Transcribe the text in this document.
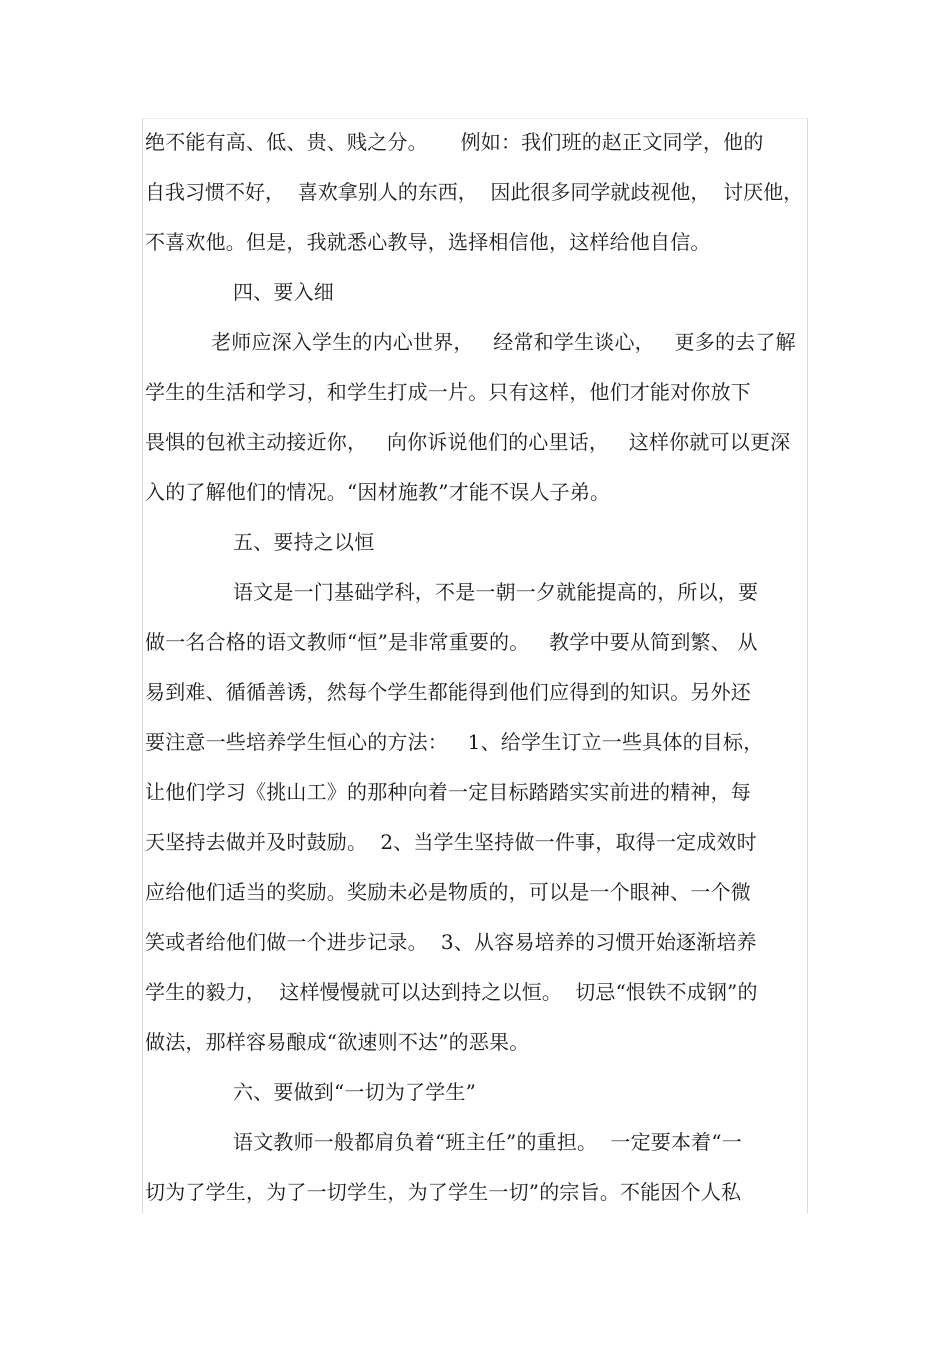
绝不能有高、低、贵、贱之分。     例如：我们班的赵正文同学，他的
自我习惯不好，  喜欢拿别人的东西，  因此很多同学就歧视他，  讨厌他，
不喜欢他。但是，我就悉心教导，选择相信他，这样给他自信。
四、要入细
老师应深入学生的内心世界，   经常和学生谈心，   更多的去了解
学生的生活和学习，和学生打成一片。只有这样，他们才能对你放下
畏惧的包袱主动接近你，   向你诉说他们的心里话，   这样你就可以更深
入的了解他们的情况。“因材施教”才能不误人子弟。
五、要持之以恒
语文是一门基础学科，不是一朝一夕就能提高的，所以，要
做一名合格的语文教师“恒”是非常重要的。   教学中要从简到繁、 从
易到难、循循善诱，然每个学生都能得到他们应得到的知识。另外还
要注意一些培养学生恒心的方法：   1、给学生订立一些具体的目标，
让他们学习《挑山工》的那种向着一定目标踏踏实实前进的精神，每
天坚持去做并及时鼓励。  2、当学生坚持做一件事，取得一定成效时
应给他们适当的奖励。奖励未必是物质的，可以是一个眼神、一个微
笑或者给他们做一个进步记录。  3、从容易培养的习惯开始逐渐培养
学生的毅力，  这样慢慢就可以达到持之以恒。  切忌“恨铁不成钢”的
做法，那样容易酿成“欲速则不达”的恶果。
六、要做到“一切为了学生”
语文教师一般都肩负着“班主任”的重担。  一定要本着“一
切为了学生，为了一切学生，为了学生一切”的宗旨。不能因个人私
